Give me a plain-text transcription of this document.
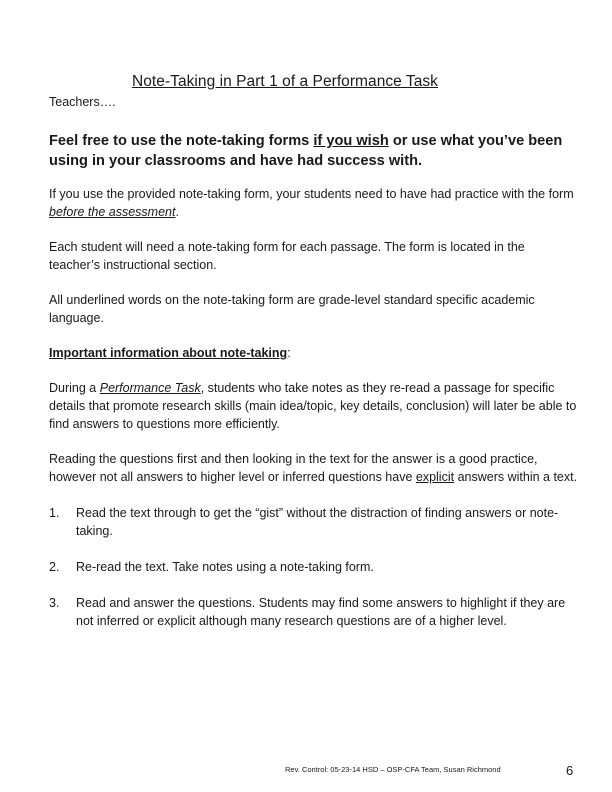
Note-Taking in Part 1 of a Performance Task
Teachers….

Feel free to use the note-taking forms if you wish or use what you’ve been using in your classrooms and have had success with.

If you use the provided note-taking form, your students need to have had practice with the form before the assessment.

Each student will need a note-taking form for each passage. The form is located in the teacher’s instructional section.

All underlined words on the note-taking form are grade-level standard specific academic language.

Important information about note-taking:

During a Performance Task, students who take notes as they re-read a passage for specific details that promote research skills (main idea/topic, key details, conclusion) will later be able to find answers to questions more efficiently.

Reading the questions first and then looking in the text for the answer is a good practice, however not all answers to higher level or inferred questions have explicit answers within a text.

1. Read the text through to get the “gist” without the distraction of finding answers or note-taking.
2. Re-read the text. Take notes using a note-taking form.
3. Read and answer the questions. Students may find some answers to highlight if they are not inferred or explicit although many research questions are of a higher level.
Rev. Control: 05-23-14 HSD – OSP-CFA Team, Susan Richmond	6
